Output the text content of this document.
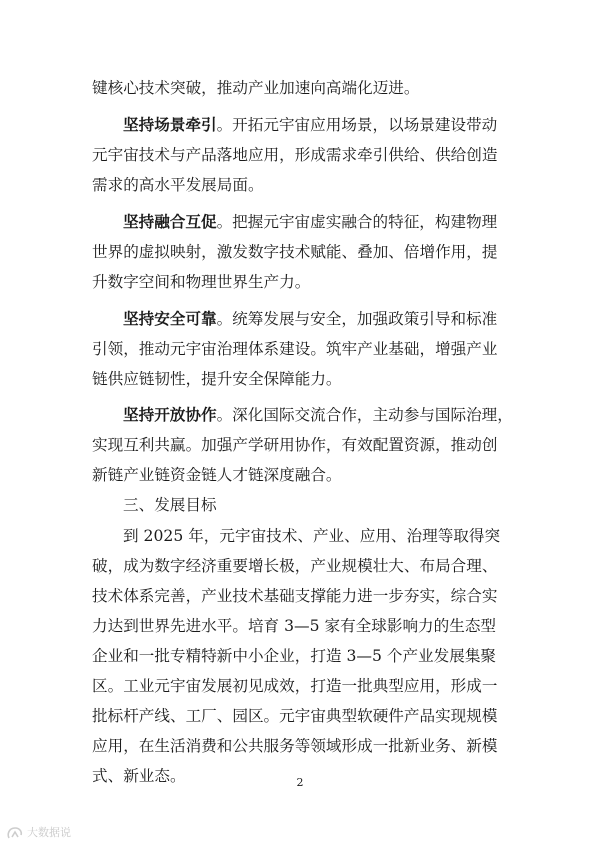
键核心技术突破，推动产业加速向高端化迈进。
坚持场景牵引。开拓元宇宙应用场景，以场景建设带动
元宇宙技术与产品落地应用，形成需求牵引供给、供给创造
需求的高水平发展局面。
坚持融合互促。把握元宇宙虚实融合的特征，构建物理
世界的虚拟映射，激发数字技术赋能、叠加、倍增作用，提
升数字空间和物理世界生产力。
坚持安全可靠。统筹发展与安全，加强政策引导和标准
引领，推动元宇宙治理体系建设。筑牢产业基础，增强产业
链供应链韧性，提升安全保障能力。
坚持开放协作。深化国际交流合作，主动参与国际治理，
实现互利共赢。加强产学研用协作，有效配置资源，推动创
新链产业链资金链人才链深度融合。
三、发展目标
到 2025 年，元宇宙技术、产业、应用、治理等取得突
破，成为数字经济重要增长极，产业规模壮大、布局合理、
技术体系完善，产业技术基础支撑能力进一步夯实，综合实
力达到世界先进水平。培育 3—5 家有全球影响力的生态型
企业和一批专精特新中小企业，打造 3—5 个产业发展集聚
区。工业元宇宙发展初见成效，打造一批典型应用，形成一
批标杆产线、工厂、园区。元宇宙典型软硬件产品实现规模
应用，在生活消费和公共服务等领域形成一批新业务、新模
式、新业态。	2
大数据说
